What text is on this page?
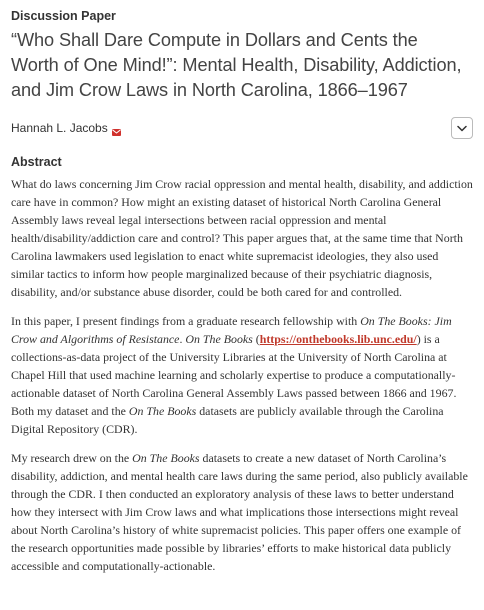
Discussion Paper
“Who Shall Dare Compute in Dollars and Cents the
Worth of One Mind!”: Mental Health, Disability, Addiction,
and Jim Crow Laws in North Carolina, 1866–1967
Hannah L. Jacobs
Abstract

What do laws concerning Jim Crow racial oppression and mental health, disability, and addiction care have in common? How might an existing dataset of historical North Carolina General Assembly laws reveal legal intersections between racial oppression and mental health/disability/addiction care and control? This paper argues that, at the same time that North Carolina lawmakers used legislation to enact white supremacist ideologies, they also used similar tactics to inform how people marginalized because of their psychiatric diagnosis, disability, and/or substance abuse disorder, could be both cared for and controlled.

In this paper, I present findings from a graduate research fellowship with On The Books: Jim Crow and Algorithms of Resistance. On The Books (https://onthebooks.lib.unc.edu/) is a collections-as-data project of the University Libraries at the University of North Carolina at Chapel Hill that used machine learning and scholarly expertise to produce a computationally-actionable dataset of North Carolina General Assembly Laws passed between 1866 and 1967. Both my dataset and the On The Books datasets are publicly available through the Carolina Digital Repository (CDR).

My research drew on the On The Books datasets to create a new dataset of North Carolina’s disability, addiction, and mental health care laws during the same period, also publicly available through the CDR. I then conducted an exploratory analysis of these laws to better understand how they intersect with Jim Crow laws and what implications those intersections might reveal about North Carolina’s history of white supremacist policies. This paper offers one example of the research opportunities made possible by libraries’ efforts to make historical data publicly accessible and computationally-actionable.
